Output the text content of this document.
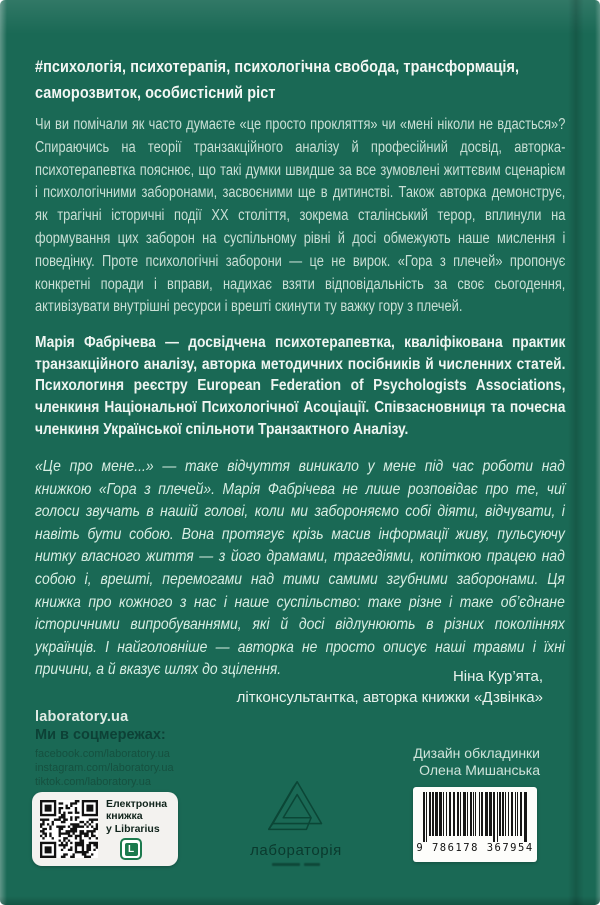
#психологія, психотерапія, психологічна свобода, трансформація, саморозвиток, особистісний ріст
Чи ви помічали як часто думаєте «це просто прокляття» чи «мені ніколи не вдасться»? Спираючись на теорії транзакційного аналізу й професійний досвід, авторка-психотерапевтка пояснює, що такі думки швидше за все зумовлені життєвим сценарієм і психологічними заборонами, засвоєними ще в дитинстві. Також авторка демонструє, як трагічні історичні події ХХ століття, зокрема сталінський терор, вплинули на формування цих заборон на суспільному рівні й досі обмежують наше мислення і поведінку. Проте психологічні заборони — це не вирок. «Гора з плечей» пропонує конкретні поради і вправи, надихає взяти відповідальність за своє сьогодення, активізувати внутрішні ресурси і врешті скинути ту важку гору з плечей.
Марія Фабрічева — досвідчена психотерапевтка, кваліфікована практик транзакційного аналізу, авторка методичних посібників й численних статей. Психологиня реєстру European Federation of Psychologists Associations, членкиня Національної Психологічної Асоціації. Співзасновниця та почесна членкиня Української спільноти Транзактного Аналізу.
«Це про мене...» — таке відчуття виникало у мене під час роботи над книжкою «Гора з плечей». Марія Фабрічева не лише розповідає про те, чиї голоси звучать в нашій голові, коли ми забороняємо собі діяти, відчувати, і навіть бути собою. Вона протягує крізь масив інформації живу, пульсуючу нитку власного життя — з його драмами, трагедіями, копіткою працею над собою і, врешті, перемогами над тими самими згубними заборонами. Ця книжка про кожного з нас і наше суспільство: таке різне і таке об’єднане історичними випробуваннями, які й досі відлунюють в різних поколіннях українців. І найголовніше — авторка не просто описує наші травми і їхні причини, а й вказує шлях до зцілення.	Ніна Кур’ята,
літконсультантка, авторка книжки «Дзвінка»
laboratory.ua
Ми в соцмережах:
facebook.com/laboratory.ua
instagram.com/laboratory.ua
tiktok.com/laboratory.ua
Електронна
книжка
у Librarius
L	лабораторія
Дизайн обкладинки
Олена Мишанська
9 786178 367954
